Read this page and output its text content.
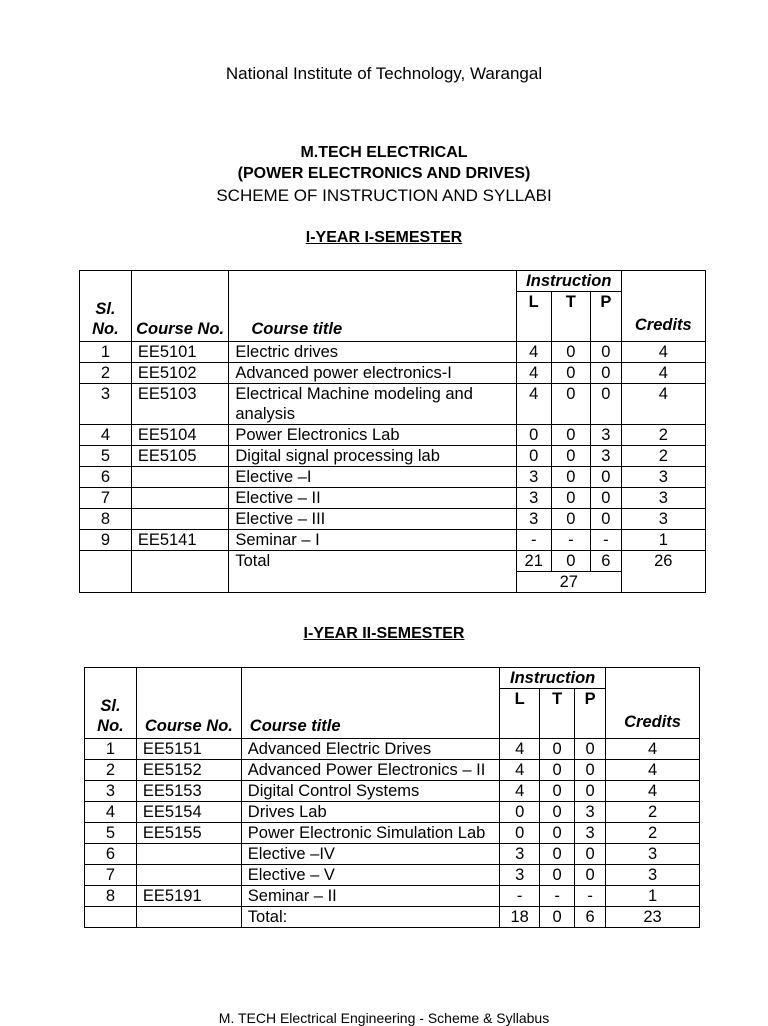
National Institute of Technology, Warangal
M.TECH ELECTRICAL
(POWER ELECTRONICS AND DRIVES)
SCHEME OF INSTRUCTION AND SYLLABI
I-YEAR I-SEMESTER
Sl. No.	Course No.	Course title	Instruction			Credits
			L	T	P	
1	EE5101	Electric drives	4	0	0	4
2	EE5102	Advanced power electronics-I	4	0	0	4
3	EE5103	Electrical Machine modeling and analysis	4	0	0	4
4	EE5104	Power Electronics Lab	0	0	3	2
5	EE5105	Digital signal processing lab	0	0	3	2
6		Elective –I	3	0	0	3
7		Elective – II	3	0	0	3
8		Elective – III	3	0	0	3
9	EE5141	Seminar – I	-	-	-	1
		Total	21	0	6	26
			27			
I-YEAR II-SEMESTER
Sl. No.	Course No.	Course title	Instruction			Credits
			L	T	P	
1	EE5151	Advanced Electric Drives	4	0	0	4
2	EE5152	Advanced Power Electronics – II	4	0	0	4
3	EE5153	Digital Control Systems	4	0	0	4
4	EE5154	Drives Lab	0	0	3	2
5	EE5155	Power Electronic Simulation Lab	0	0	3	2
6		Elective –IV	3	0	0	3
7		Elective – V	3	0	0	3
8	EE5191	Seminar – II	-	-	-	1
		Total:	18	0	6	23
M. TECH Electrical Engineering - Scheme & Syllabus
